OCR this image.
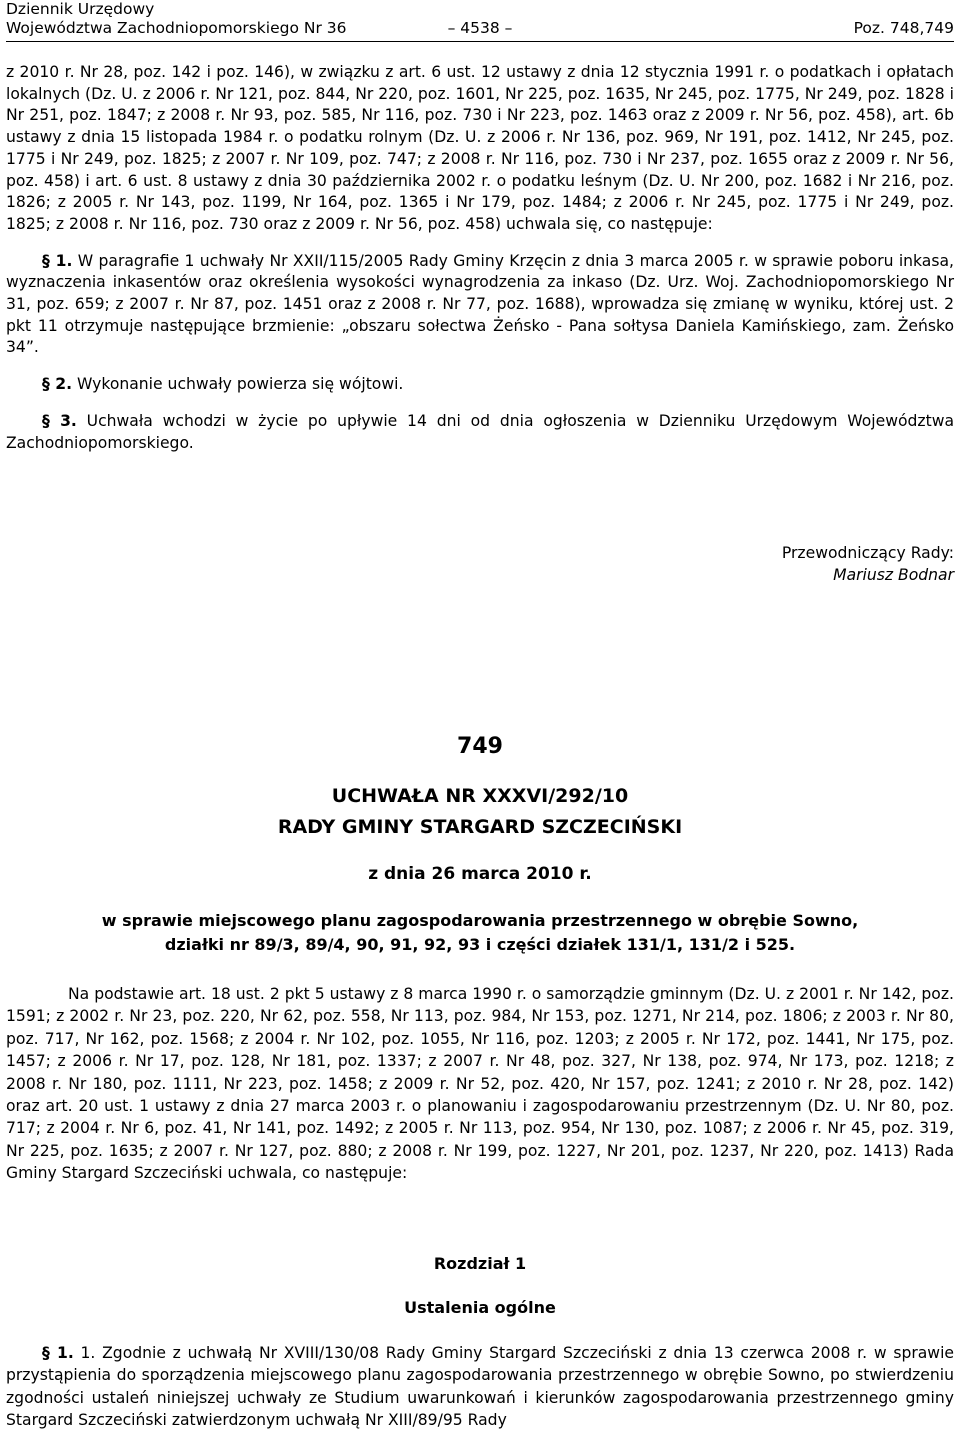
Dziennik Urzędowy
Województwa Zachodniopomorskiego Nr 36	– 4538 –	Poz. 748,749

z 2010 r. Nr 28, poz. 142 i poz. 146), w związku z art. 6 ust. 12 ustawy z dnia 12 stycznia 1991 r. o podatkach i opłatach lokalnych (Dz. U. z 2006 r. Nr 121, poz. 844, Nr 220, poz. 1601, Nr 225, poz. 1635, Nr 245, poz. 1775, Nr 249, poz. 1828 i Nr 251, poz. 1847; z 2008 r. Nr 93, poz. 585, Nr 116, poz. 730 i Nr 223, poz. 1463 oraz z 2009 r. Nr 56, poz. 458), art. 6b ustawy z dnia 15 listopada 1984 r. o podatku rolnym (Dz. U. z 2006 r. Nr 136, poz. 969, Nr 191, poz. 1412, Nr 245, poz. 1775 i Nr 249, poz. 1825; z 2007 r. Nr 109, poz. 747; z 2008 r. Nr 116, poz. 730 i Nr 237, poz. 1655 oraz z 2009 r. Nr 56, poz. 458) i art. 6 ust. 8 ustawy z dnia 30 października 2002 r. o podatku leśnym (Dz. U. Nr 200, poz. 1682 i Nr 216, poz. 1826; z 2005 r. Nr 143, poz. 1199, Nr 164, poz. 1365 i Nr 179, poz. 1484; z 2006 r. Nr 245, poz. 1775 i Nr 249, poz. 1825; z 2008 r. Nr 116, poz. 730 oraz z 2009 r. Nr 56, poz. 458) uchwala się, co następuje:

§ 1. W paragrafie 1 uchwały Nr XXII/115/2005 Rady Gminy Krzęcin z dnia 3 marca 2005 r. w sprawie poboru inkasa, wyznaczenia inkasentów oraz określenia wysokości wynagrodzenia za inkaso (Dz. Urz. Woj. Zachodniopomorskiego Nr 31, poz. 659; z 2007 r. Nr 87, poz. 1451 oraz z 2008 r. Nr 77, poz. 1688), wprowadza się zmianę w wyniku, której ust. 2 pkt 11 otrzymuje następujące brzmienie: „obszaru sołectwa Żeńsko - Pana sołtysa Daniela Kamińskiego, zam. Żeńsko 34”.

§ 2. Wykonanie uchwały powierza się wójtowi.

§ 3. Uchwała wchodzi w życie po upływie 14 dni od dnia ogłoszenia w Dzienniku Urzędowym Województwa Zachodniopomorskiego.

Przewodniczący Rady:
Mariusz Bodnar
749
UCHWAŁA NR XXXVI/292/10
RADY GMINY STARGARD SZCZECIŃSKI
z dnia 26 marca 2010 r.
w sprawie miejscowego planu zagospodarowania przestrzennego w obrębie Sowno,
działki nr 89/3, 89/4, 90, 91, 92, 93 i części działek 131/1, 131/2 i 525.

Na podstawie art. 18 ust. 2 pkt 5 ustawy z 8 marca 1990 r. o samorządzie gminnym (Dz. U. z 2001 r. Nr 142, poz. 1591; z 2002 r. Nr 23, poz. 220, Nr 62, poz. 558, Nr 113, poz. 984, Nr 153, poz. 1271, Nr 214, poz. 1806; z 2003 r. Nr 80, poz. 717, Nr 162, poz. 1568; z 2004 r. Nr 102, poz. 1055, Nr 116, poz. 1203; z 2005 r. Nr 172, poz. 1441, Nr 175, poz. 1457; z 2006 r. Nr 17, poz. 128, Nr 181, poz. 1337; z 2007 r. Nr 48, poz. 327, Nr 138, poz. 974, Nr 173, poz. 1218; z 2008 r. Nr 180, poz. 1111, Nr 223, poz. 1458; z 2009 r. Nr 52, poz. 420, Nr 157, poz. 1241; z 2010 r. Nr 28, poz. 142) oraz art. 20 ust. 1 ustawy z dnia 27 marca 2003 r. o planowaniu i zagospodarowaniu przestrzennym (Dz. U. Nr 80, poz. 717; z 2004 r. Nr 6, poz. 41, Nr 141, poz. 1492; z 2005 r. Nr 113, poz. 954, Nr 130, poz. 1087; z 2006 r. Nr 45, poz. 319, Nr 225, poz. 1635; z 2007 r. Nr 127, poz. 880; z 2008 r. Nr 199, poz. 1227, Nr 201, poz. 1237, Nr 220, poz. 1413) Rada Gminy Stargard Szczeciński uchwala, co następuje:

Rozdział 1
Ustalenia ogólne

§ 1. 1. Zgodnie z uchwałą Nr XVIII/130/08 Rady Gminy Stargard Szczeciński z dnia 13 czerwca 2008 r. w sprawie przystąpienia do sporządzenia miejscowego planu zagospodarowania przestrzennego w obrębie Sowno, po stwierdzeniu zgodności ustaleń niniejszej uchwały ze Studium uwarunkowań i kierunków zagospodarowania przestrzennego gminy Stargard Szczeciński zatwierdzonym uchwałą Nr XIII/89/95 Rady
